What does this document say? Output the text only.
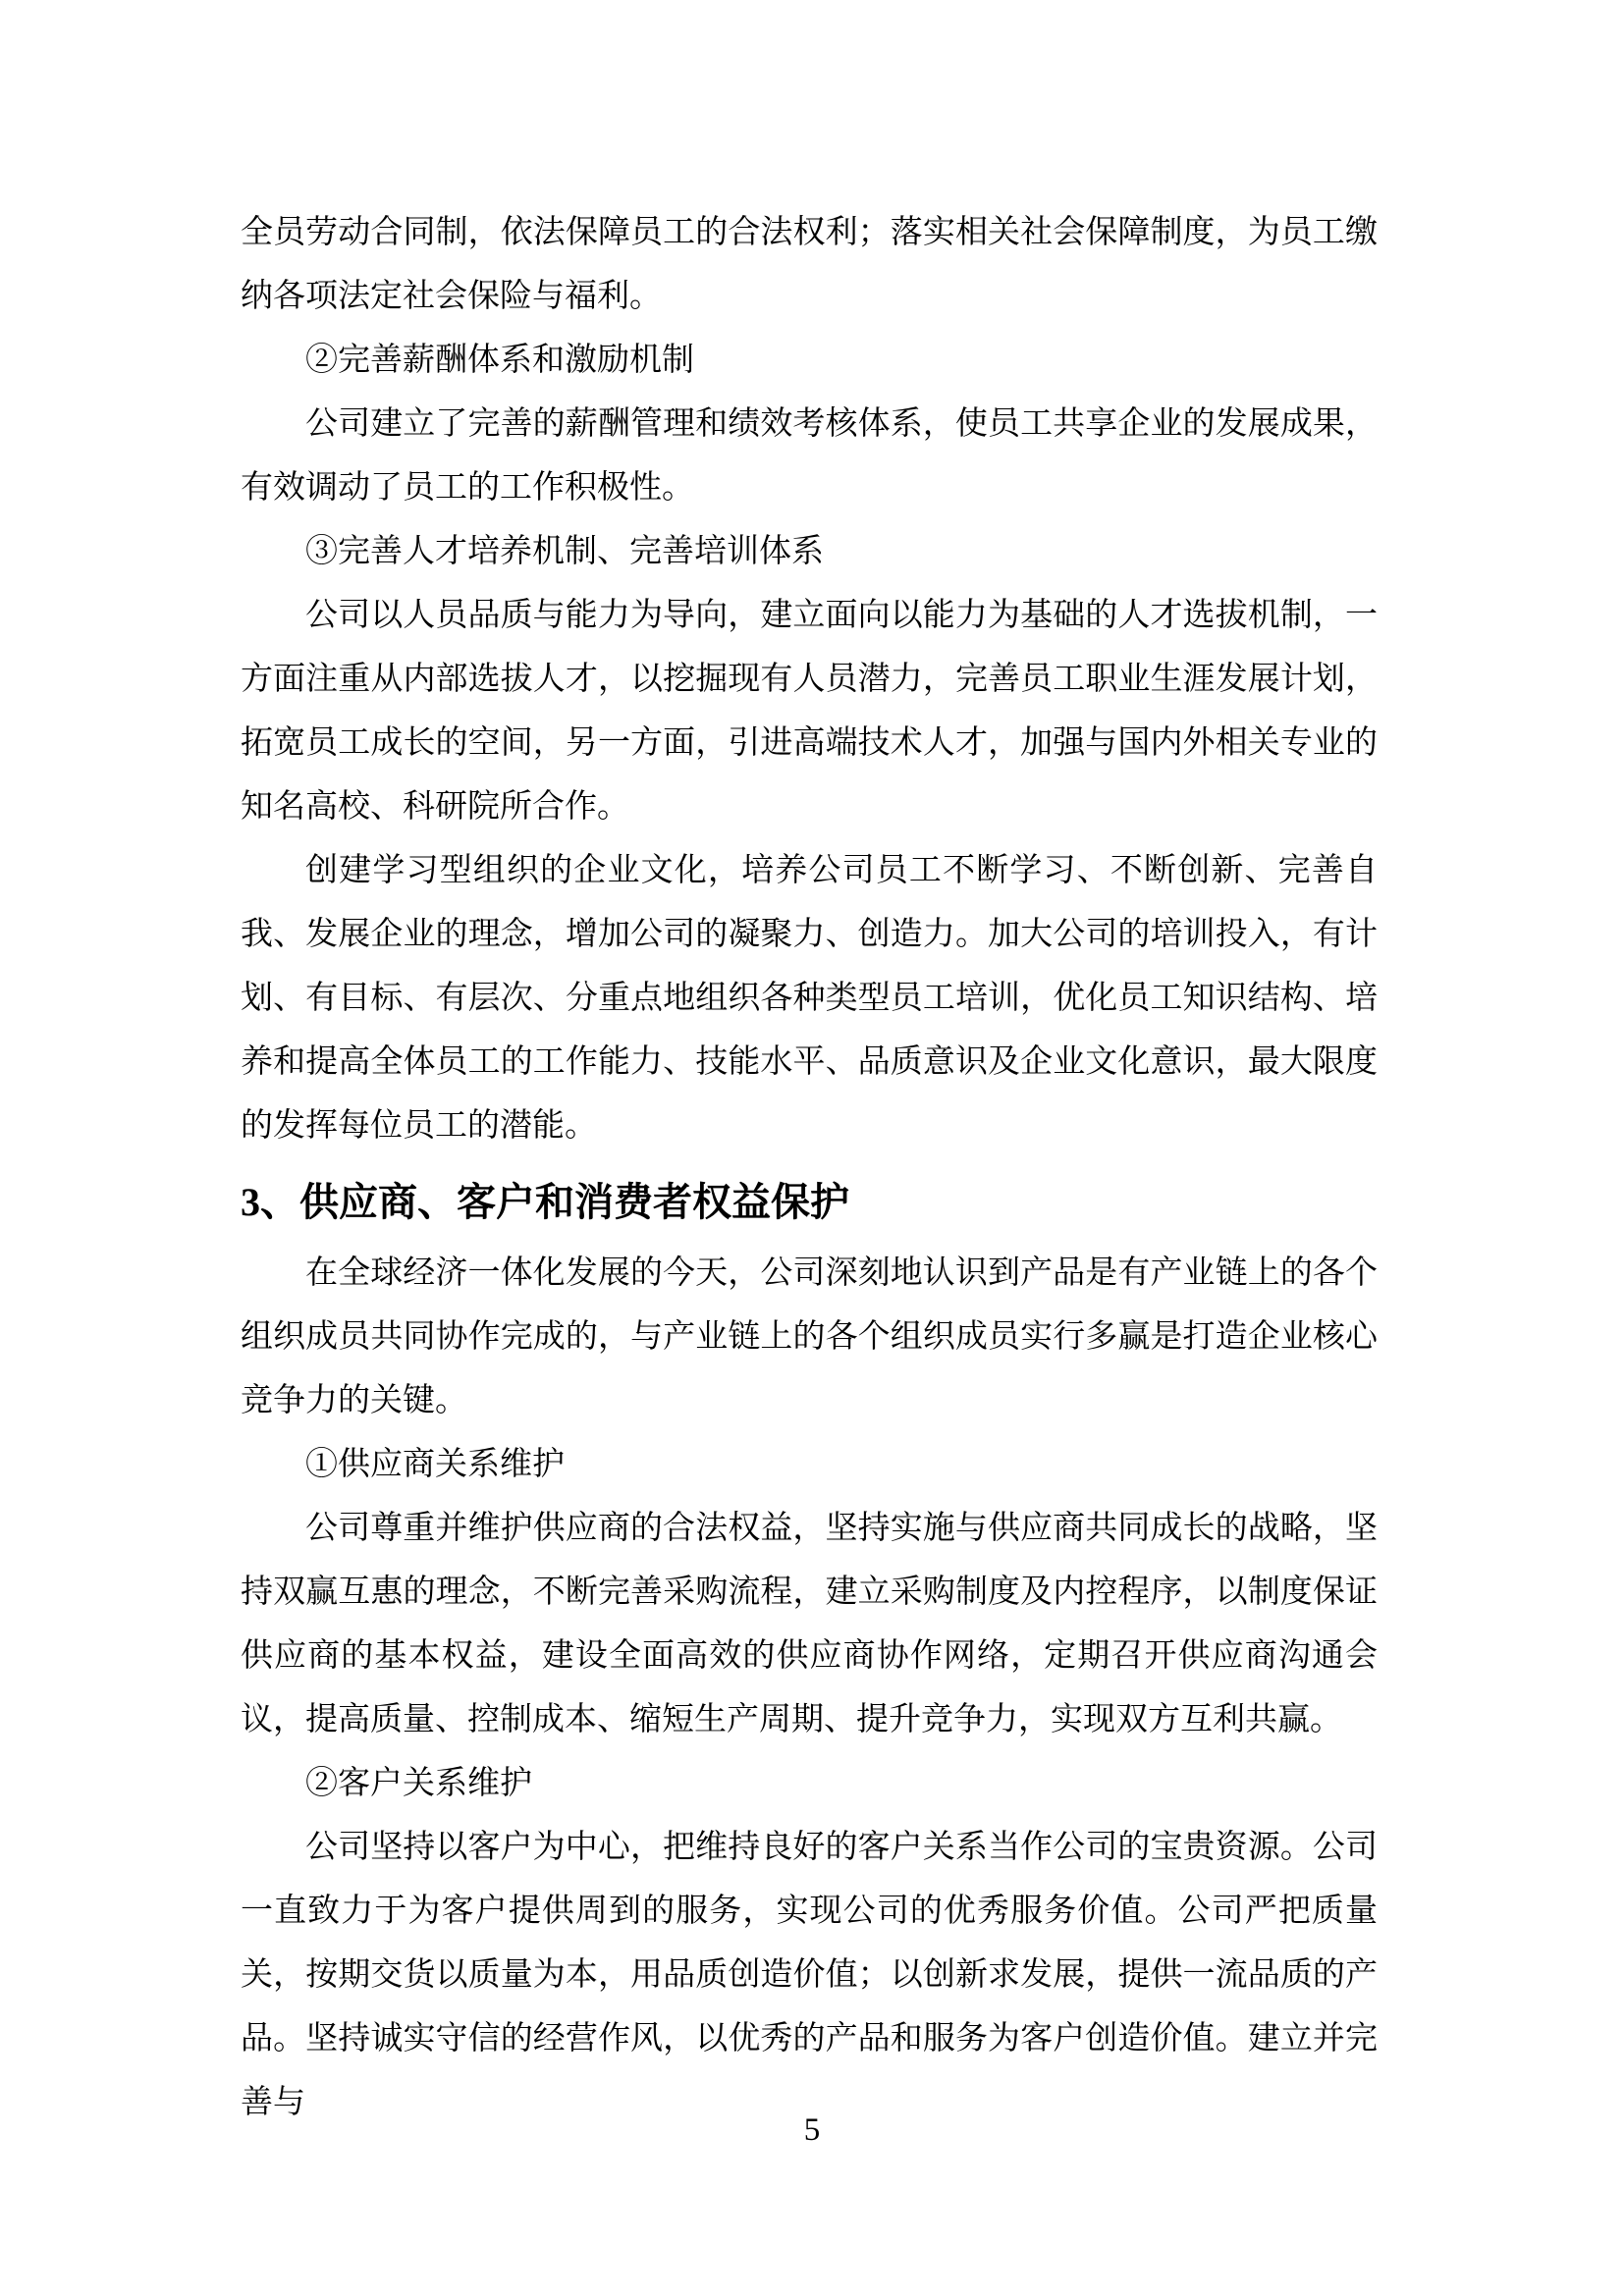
全员劳动合同制，依法保障员工的合法权利；落实相关社会保障制度，为员工缴纳各项法定社会保险与福利。

②完善薪酬体系和激励机制

公司建立了完善的薪酬管理和绩效考核体系，使员工共享企业的发展成果，有效调动了员工的工作积极性。

③完善人才培养机制、完善培训体系

公司以人员品质与能力为导向，建立面向以能力为基础的人才选拔机制，一方面注重从内部选拔人才，以挖掘现有人员潜力，完善员工职业生涯发展计划，拓宽员工成长的空间，另一方面，引进高端技术人才，加强与国内外相关专业的知名高校、科研院所合作。

创建学习型组织的企业文化，培养公司员工不断学习、不断创新、完善自我、发展企业的理念，增加公司的凝聚力、创造力。加大公司的培训投入，有计划、有目标、有层次、分重点地组织各种类型员工培训，优化员工知识结构、培养和提高全体员工的工作能力、技能水平、品质意识及企业文化意识，最大限度的发挥每位员工的潜能。

3、供应商、客户和消费者权益保护

在全球经济一体化发展的今天，公司深刻地认识到产品是有产业链上的各个组织成员共同协作完成的，与产业链上的各个组织成员实行多赢是打造企业核心竞争力的关键。

①供应商关系维护

公司尊重并维护供应商的合法权益，坚持实施与供应商共同成长的战略，坚持双赢互惠的理念，不断完善采购流程，建立采购制度及内控程序，以制度保证供应商的基本权益，建设全面高效的供应商协作网络，定期召开供应商沟通会议，提高质量、控制成本、缩短生产周期、提升竞争力，实现双方互利共赢。

②客户关系维护

公司坚持以客户为中心，把维持良好的客户关系当作公司的宝贵资源。公司一直致力于为客户提供周到的服务，实现公司的优秀服务价值。公司严把质量关，按期交货以质量为本，用品质创造价值；以创新求发展，提供一流品质的产品。坚持诚实守信的经营作风，以优秀的产品和服务为客户创造价值。建立并完善与

5
